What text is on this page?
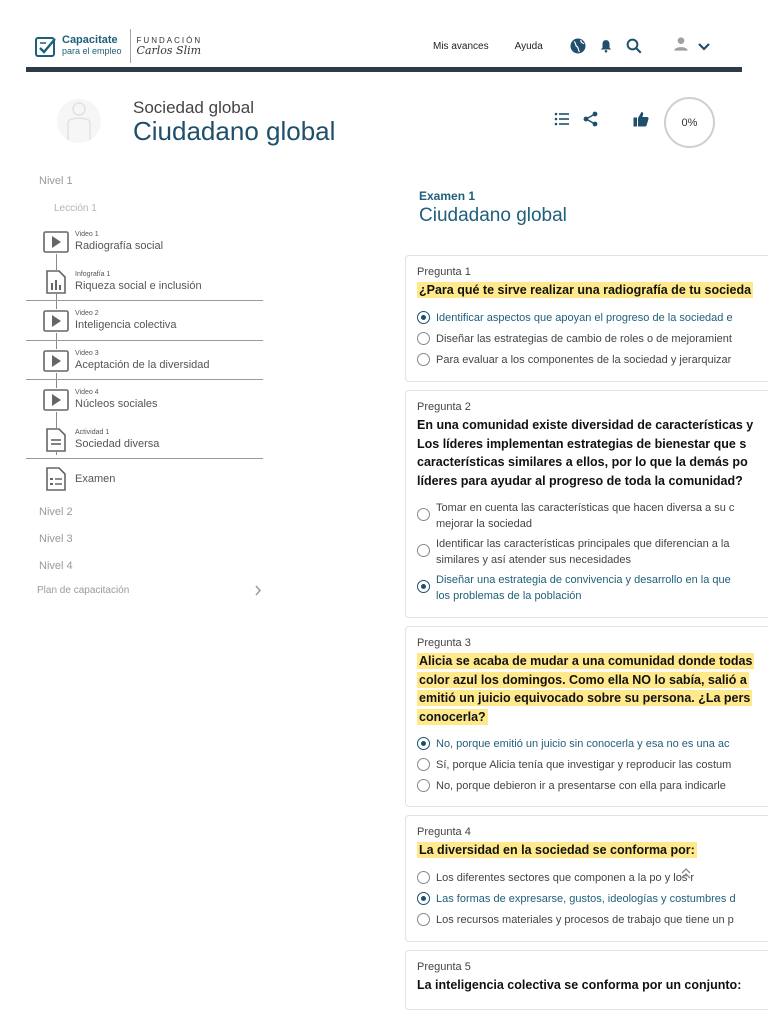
Capacitate
para el empleo
FUNDACIÓN
Carlos Slim	Mis avances	Ayuda
Sociedad global
Ciudadano global	0%
Nivel 1
Lección 1
Video 1
Radiografía social
Infografía 1
Riqueza social e inclusión
Video 2
Inteligencia colectiva
Video 3
Aceptación de la diversidad
Video 4
Núcleos sociales
Actividad 1
Sociedad diversa
Examen
Nivel 2
Nivel 3
Nivel 4
Plan de capacitación
Examen 1
Ciudadano global
Pregunta 1
¿Para qué te sirve realizar una radiografía de tu socieda
Identificar aspectos que apoyan el progreso de la sociedad e
Diseñar las estrategias de cambio de roles o de mejoramient
Para evaluar a los componentes de la sociedad y jerarquizar
Pregunta 2
En una comunidad existe diversidad de características y
Los líderes implementan estrategias de bienestar que s
características similares a ellos, por lo que la demás po
líderes para ayudar al progreso de toda la comunidad?
Tomar en cuenta las características que hacen diversa a su c
mejorar la sociedad
Identificar las características principales que diferencian a la
similares y así atender sus necesidades
Diseñar una estrategia de convivencia y desarrollo en la que
los problemas de la población
Pregunta 3
Alicia se acaba de mudar a una comunidad donde todas
color azul los domingos. Como ella NO lo sabía, salió a
emitió un juicio equivocado sobre su persona. ¿La pers
conocerla?
No, porque emitió un juicio sin conocerla y esa no es una ac
Sí, porque Alicia tenía que investigar y reproducir las costum
No, porque debieron ir a presentarse con ella para indicarle
Pregunta 4
La diversidad en la sociedad se conforma por:
Los diferentes sectores que componen a la po y los r
Las formas de expresarse, gustos, ideologías y costumbres d
Los recursos materiales y procesos de trabajo que tiene un p
Pregunta 5
La inteligencia colectiva se conforma por un conjunto:
